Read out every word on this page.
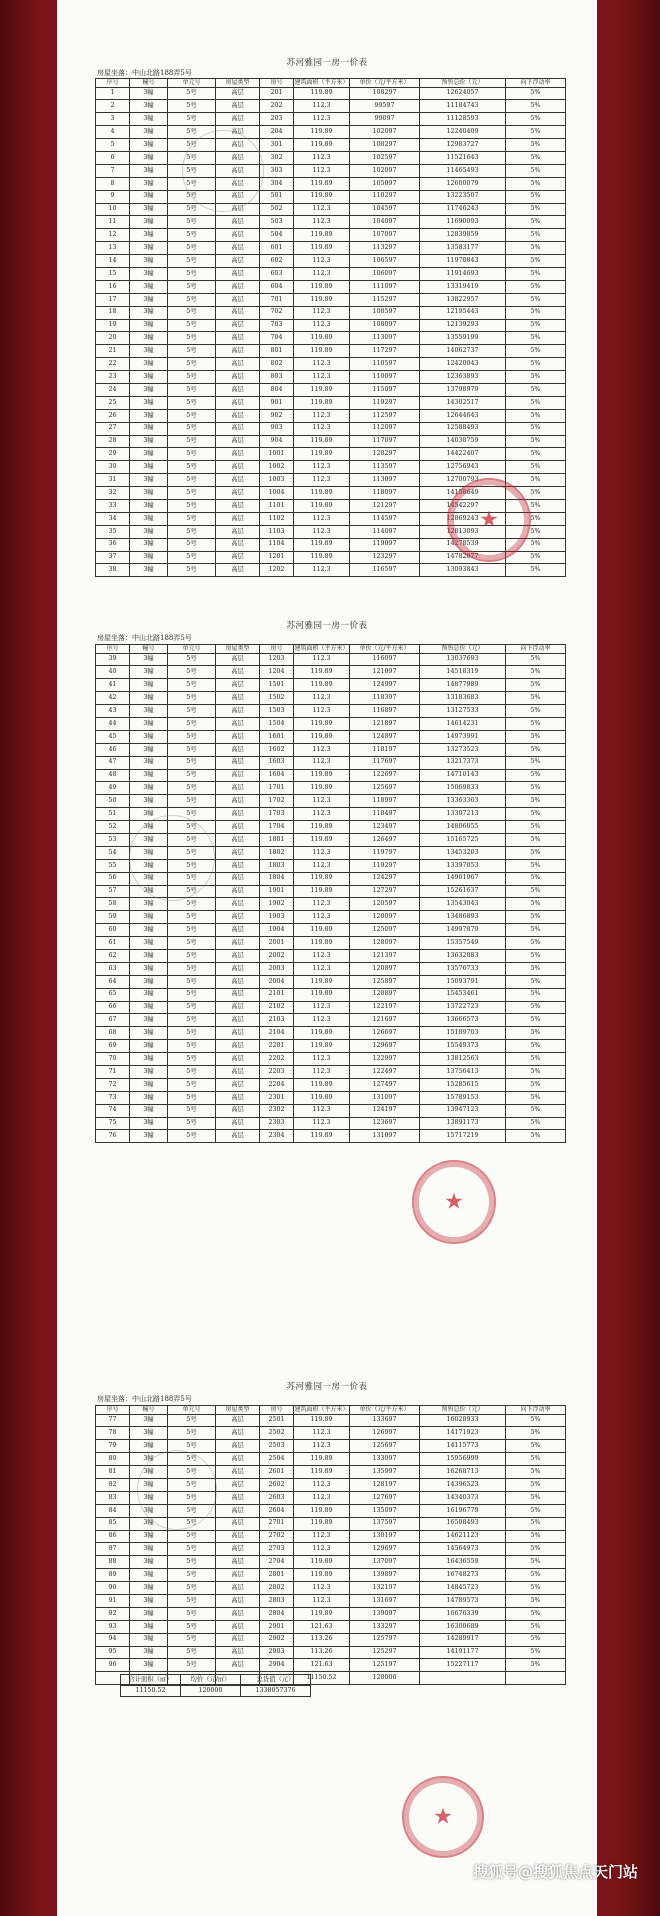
苏河雅园一房一价表
房屋坐落：中山北路188弄5号
序号	幢号	单元号	房屋类型	房号	建筑面积（平方米）	单价（元/平方米）	预售总价（元）	向下浮动率
1	3幢	5号	高层	201	119.89	108297	12624057	5%
2	3幢	5号	高层	202	112.3	99597	11184743	5%
3	3幢	5号	高层	203	112.3	99097	11128593	5%
4	3幢	5号	高层	204	119.89	102097	12240409	5%
5	3幢	5号	高层	301	119.89	108297	12983727	5%
6	3幢	5号	高层	302	112.3	102597	11521643	5%
7	3幢	5号	高层	303	112.3	102097	11465493	5%
8	3幢	5号	高层	304	119.89	105097	12600079	5%
9	3幢	5号	高层	501	119.89	110297	13223507	5%
10	3幢	5号	高层	502	112.3	104597	11746243	5%
11	3幢	5号	高层	503	112.3	104097	11690093	5%
12	3幢	5号	高层	504	119.89	107097	12839859	5%
13	3幢	5号	高层	601	119.89	113297	13583177	5%
14	3幢	5号	高层	602	112.3	106597	11970843	5%
15	3幢	5号	高层	603	112.3	106097	11914693	5%
16	3幢	5号	高层	604	119.89	111097	13319419	5%
17	3幢	5号	高层	701	119.89	115297	13822957	5%
18	3幢	5号	高层	702	112.3	108597	12195443	5%
19	3幢	5号	高层	703	112.3	108097	12139293	5%
20	3幢	5号	高层	704	119.89	113097	13559199	5%
21	3幢	5号	高层	801	119.89	117297	14062737	5%
22	3幢	5号	高层	802	112.3	110597	12420043	5%
23	3幢	5号	高层	803	112.3	110097	12363893	5%
24	3幢	5号	高层	804	119.89	115097	13798979	5%
25	3幢	5号	高层	901	119.89	119297	14302517	5%
26	3幢	5号	高层	902	112.3	112597	12644643	5%
27	3幢	5号	高层	903	112.3	112097	12588493	5%
28	3幢	5号	高层	904	119.89	117097	14038759	5%
29	3幢	5号	高层	1001	119.89	120297	14422407	5%
30	3幢	5号	高层	1002	112.3	113597	12756943	5%
31	3幢	5号	高层	1003	112.3	113097	12700793	5%
32	3幢	5号	高层	1004	119.89	118097	14158649	5%
33	3幢	5号	高层	1101	119.89	121297	14542297	5%
34	3幢	5号	高层	1102	112.3	114597	12869243	5%
35	3幢	5号	高层	1103	112.3	114097	12813093	5%
36	3幢	5号	高层	1104	119.89	119097	14278539	5%
37	3幢	5号	高层	1201	119.89	123297	14782077	5%
38	3幢	5号	高层	1202	112.3	116597	13093843	5%
苏河雅园一房一价表
房屋坐落：中山北路188弄5号
序号	幢号	单元号	房屋类型	房号	建筑面积（平方米）	单价（元/平方米）	预售总价（元）	向下浮动率
39	3幢	5号	高层	1203	112.3	116097	13037693	5%
40	3幢	5号	高层	1204	119.89	121097	14518319	5%
41	3幢	5号	高层	1501	119.89	124997	14877989	5%
42	3幢	5号	高层	1502	112.3	118397	13183683	5%
43	3幢	5号	高层	1503	112.3	116897	13127533	5%
44	3幢	5号	高层	1504	119.89	121897	14614231	5%
45	3幢	5号	高层	1601	119.89	124897	14973991	5%
46	3幢	5号	高层	1602	112.3	118197	13273523	5%
47	3幢	5号	高层	1603	112.3	117697	13217373	5%
48	3幢	5号	高层	1604	119.89	122697	14710143	5%
49	3幢	5号	高层	1701	119.89	125697	15069833	5%
50	3幢	5号	高层	1702	112.3	118997	13363363	5%
51	3幢	5号	高层	1703	112.3	118497	13307213	5%
52	3幢	5号	高层	1704	119.89	123497	14806055	5%
53	3幢	5号	高层	1801	119.89	126497	15165725	5%
54	3幢	5号	高层	1802	112.3	119797	13453203	5%
55	3幢	5号	高层	1803	112.3	119297	13397053	5%
56	3幢	5号	高层	1804	119.89	124297	14901967	5%
57	3幢	5号	高层	1901	119.89	127297	15261637	5%
58	3幢	5号	高层	1902	112.3	120597	13543043	5%
59	3幢	5号	高层	1903	112.3	120097	13486893	5%
60	3幢	5号	高层	1904	119.89	125097	14997879	5%
61	3幢	5号	高层	2001	119.89	128097	15357549	5%
62	3幢	5号	高层	2002	112.3	121397	13632883	5%
63	3幢	5号	高层	2003	112.3	120897	13576733	5%
64	3幢	5号	高层	2004	119.89	125897	15093791	5%
65	3幢	5号	高层	2101	119.89	128897	15453461	5%
66	3幢	5号	高层	2102	112.3	122197	13722723	5%
67	3幢	5号	高层	2103	112.3	121697	13666573	5%
68	3幢	5号	高层	2104	119.89	126697	15189703	5%
69	3幢	5号	高层	2201	119.89	129697	15549373	5%
70	3幢	5号	高层	2202	112.3	122997	13812563	5%
71	3幢	5号	高层	2203	112.3	122497	13756413	5%
72	3幢	5号	高层	2204	119.89	127497	15285615	5%
73	3幢	5号	高层	2301	119.89	131097	15789153	5%
74	3幢	5号	高层	2302	112.3	124197	13947123	5%
75	3幢	5号	高层	2303	112.3	123697	13891173	5%
76	3幢	5号	高层	2304	119.89	131097	15717219	5%
苏河雅园一房一价表
房屋坐落：中山北路188弄5号
序号	幢号	单元号	房屋类型	房号	建筑面积（平方米）	单价（元/平方米）	预售总价（元）	向下浮动率
77	3幢	5号	高层	2501	119.89	133697	16028933	5%
78	3幢	5号	高层	2502	112.3	126997	14171923	5%
79	3幢	5号	高层	2503	112.3	125697	14115773	5%
80	3幢	5号	高层	2504	119.89	133097	15956999	5%
81	3幢	5号	高层	2601	119.89	135997	16268713	5%
82	3幢	5号	高层	2602	112.3	128197	14396523	5%
83	3幢	5号	高层	2603	112.3	127697	14340373	5%
84	3幢	5号	高层	2604	119.89	135097	16196779	5%
85	3幢	5号	高层	2701	119.89	137597	16508493	5%
86	3幢	5号	高层	2702	112.3	130197	14621123	5%
87	3幢	5号	高层	2703	112.3	129697	14564973	5%
88	3幢	5号	高层	2704	119.89	137097	16436559	5%
89	3幢	5号	高层	2801	119.89	139897	16748273	5%
90	3幢	5号	高层	2802	112.3	132197	14845723	5%
91	3幢	5号	高层	2803	112.3	131697	14789573	5%
92	3幢	5号	高层	2804	119.89	139097	16676339	5%
93	3幢	5号	高层	2901	121.63	133297	16300689	5%
94	3幢	5号	高层	2902	113.26	125797	14289917	5%
95	3幢	5号	高层	2903	113.26	125297	14191177	5%
96	3幢	5号	高层	2904	121.63	125197	15227117	5%
					11150.52	120000		
合计面积（㎡）	均价（元/㎡）	总货值（元）
11150.52	120000	1338057376
★
★
★
搜狐号@搜狐焦点天门站
